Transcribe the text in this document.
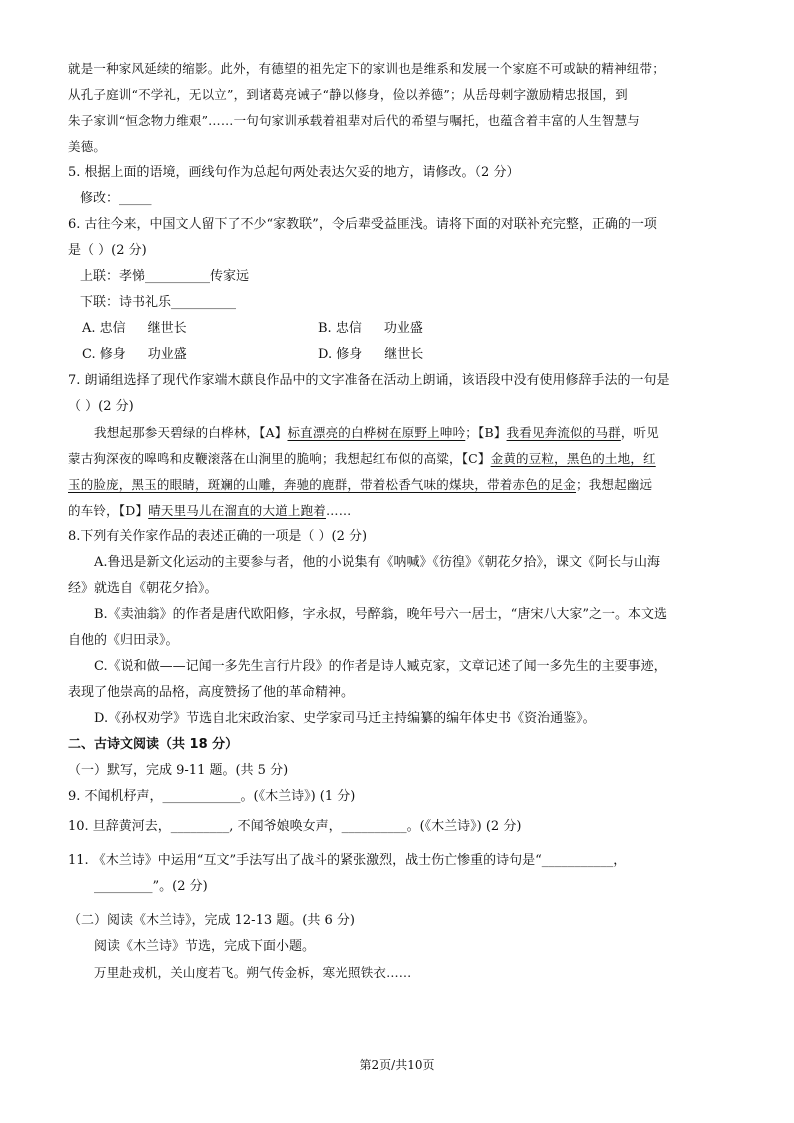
就是一种家风延续的缩影。此外，有德望的祖先定下的家训也是维系和发展一个家庭不可或缺的精神纽带；

从孔子庭训“不学礼，无以立”，到诸葛亮诫子“静以修身，俭以养德”；从岳母刺字激励精忠报国，到

朱子家训“恒念物力维艰”……一句句家训承载着祖辈对后代的希望与嘱托，也蕴含着丰富的人生智慧与

美德。

5. 根据上面的语境，画线句作为总起句两处表达欠妥的地方，请修改。（2 分）

修改：_____

6. 古往今来，中国文人留下了不少“家教联”，令后辈受益匪浅。请将下面的对联补充完整，正确的一项

是（ ）(2 分)

上联：孝悌__________传家远

下联：诗书礼乐__________

A. 忠信 继世长	B. 忠信 功业盛
C. 修身 功业盛	D. 修身 继世长

7. 朗诵组选择了现代作家端木蕻良作品中的文字准备在活动上朗诵，该语段中没有使用修辞手法的一句是

（ ）(2 分)

我想起那参天碧绿的白桦林，【A】标直漂亮的白桦树在原野上呻吟；【B】我看见奔流似的马群，听见

蒙古狗深夜的嗥鸣和皮鞭滚落在山涧里的脆响；我想起红布似的高粱，【C】金黄的豆粒，黑色的土地，红

玉的脸庞，黑玉的眼睛，斑斓的山雕，奔驰的鹿群，带着松香气味的煤块，带着赤色的足金；我想起幽远

的车铃，【D】晴天里马儿在溜直的大道上跑着……

8.下列有关作家作品的表述正确的一项是（ ）(2 分)

A.鲁迅是新文化运动的主要参与者，他的小说集有《呐喊》《彷徨》《朝花夕拾》，课文《阿长与山海

经》就选自《朝花夕拾》。

B.《卖油翁》的作者是唐代欧阳修，字永叔，号醉翁，晚年号六一居士，“唐宋八大家”之一。本文选

自他的《归田录》。

C.《说和做——记闻一多先生言行片段》的作者是诗人臧克家，文章记述了闻一多先生的主要事迹，

表现了他崇高的品格，高度赞扬了他的革命精神。

D.《孙权劝学》节选自北宋政治家、史学家司马迁主持编纂的编年体史书《资治通鉴》。

二、古诗文阅读（共 18 分）

（一）默写，完成 9-11 题。(共 5 分)

9. 不闻机杼声，____________。(《木兰诗》) (1 分)

10. 旦辞黄河去，_________, 不闻爷娘唤女声，__________。(《木兰诗》) (2 分)

11. 《木兰诗》中运用“互文”手法写出了战斗的紧张激烈，战士伤亡惨重的诗句是“___________，

_________”。(2 分)

（二）阅读《木兰诗》，完成 12-13 题。(共 6 分)

阅读《木兰诗》节选，完成下面小题。

万里赴戎机，关山度若飞。朔气传金柝，寒光照铁衣……

第2页/共10页
